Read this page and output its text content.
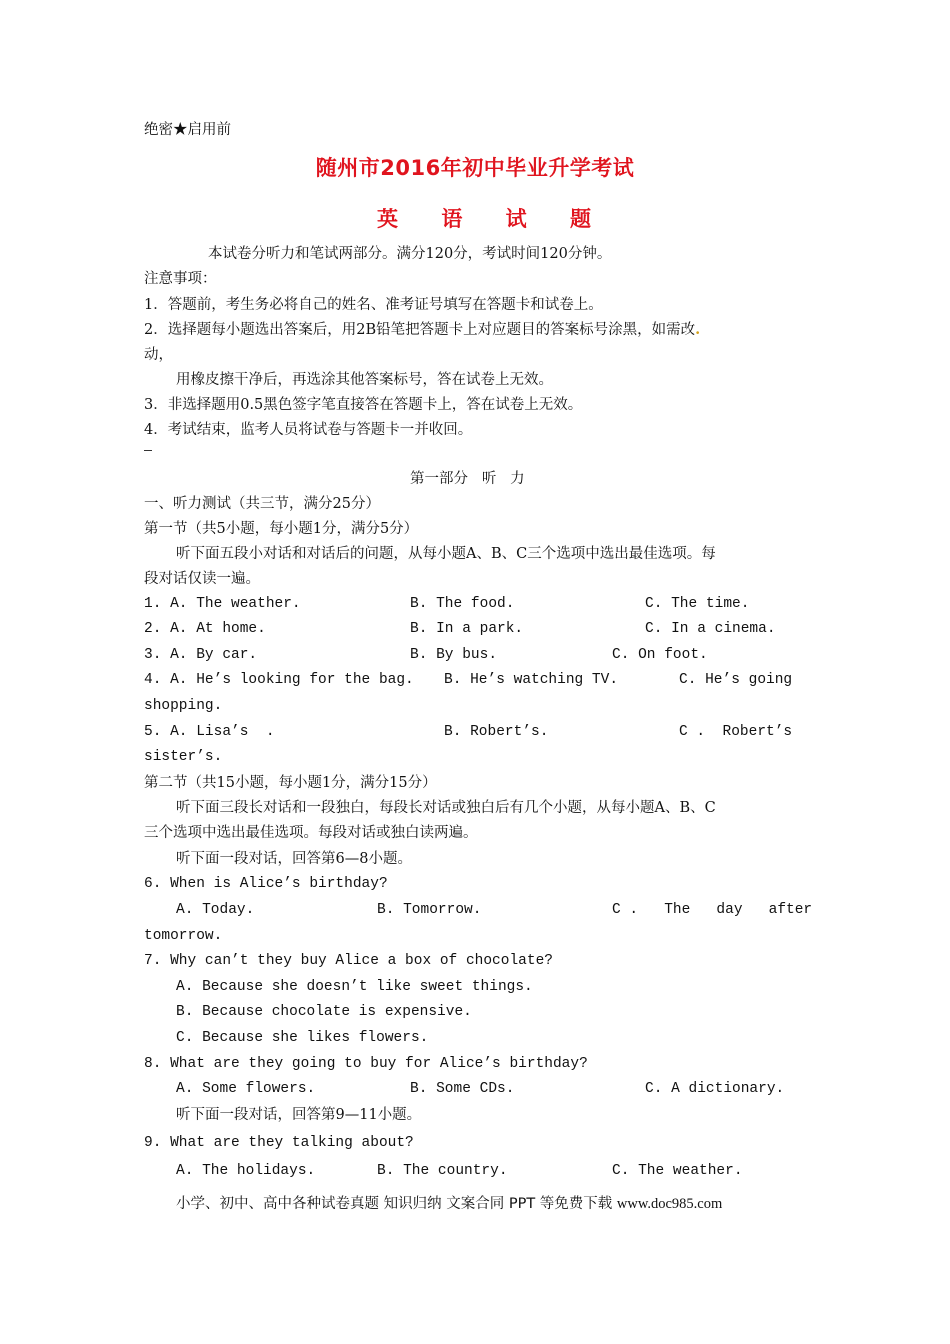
绝密★启用前
随州市2016年初中毕业升学考试
英 语 试 题
本试卷分听力和笔试两部分。满分120分，考试时间120分钟。
注意事项：
1．答题前，考生务必将自己的姓名、准考证号填写在答题卡和试卷上。
2．选择题每小题选出答案后，用2B铅笔把答题卡上对应题目的答案标号涂黑，如需改.
动，
用橡皮擦干净后，再选涂其他答案标号，答在试卷上无效。
3．非选择题用0.5黑色签字笔直接答在答题卡上，答在试卷上无效。
4．考试结束，监考人员将试卷与答题卡一并收回。
第一部分   听   力
一、听力测试（共三节，满分25分）
第一节（共5小题，每小题1分，满分5分）
听下面五段小对话和对话后的问题，从每小题A、B、C三个选项中选出最佳选项。每
段对话仅读一遍。
1. A. The weather.	B. The food.	C. The time.
2. A. At home.	B. In a park.	C. In a cinema.
3. A. By car.	B. By bus.	C. On foot.
4. A. He’s looking for the bag. B. He’s watching TV.	C. He’s going
shopping.
5. A. Lisa’s  .	B. Robert’s.	C .  Robert’s
sister’s.
第二节（共15小题，每小题1分，满分15分）
听下面三段长对话和一段独白，每段长对话或独白后有几个小题，从每小题A、B、C
三个选项中选出最佳选项。每段对话或独白读两遍。
听下面一段对话，回答第6—8小题。
6. When is Alice’s birthday?
A. Today.	B. Tomorrow.	C .   The   day   after
tomorrow.
7. Why can’t they buy Alice a box of chocolate?
A. Because she doesn’t like sweet things.
B. Because chocolate is expensive.
C. Because she likes flowers.
8. What are they going to buy for Alice’s birthday?
A. Some flowers.	B. Some CDs.	C. A dictionary.
听下面一段对话，回答第9—11小题。
9. What are they talking about?
A. The holidays.	B. The country.	C. The weather.
小学、初中、高中各种试卷真题 知识归纳 文案合同 PPT 等免费下载 www.doc985.com
